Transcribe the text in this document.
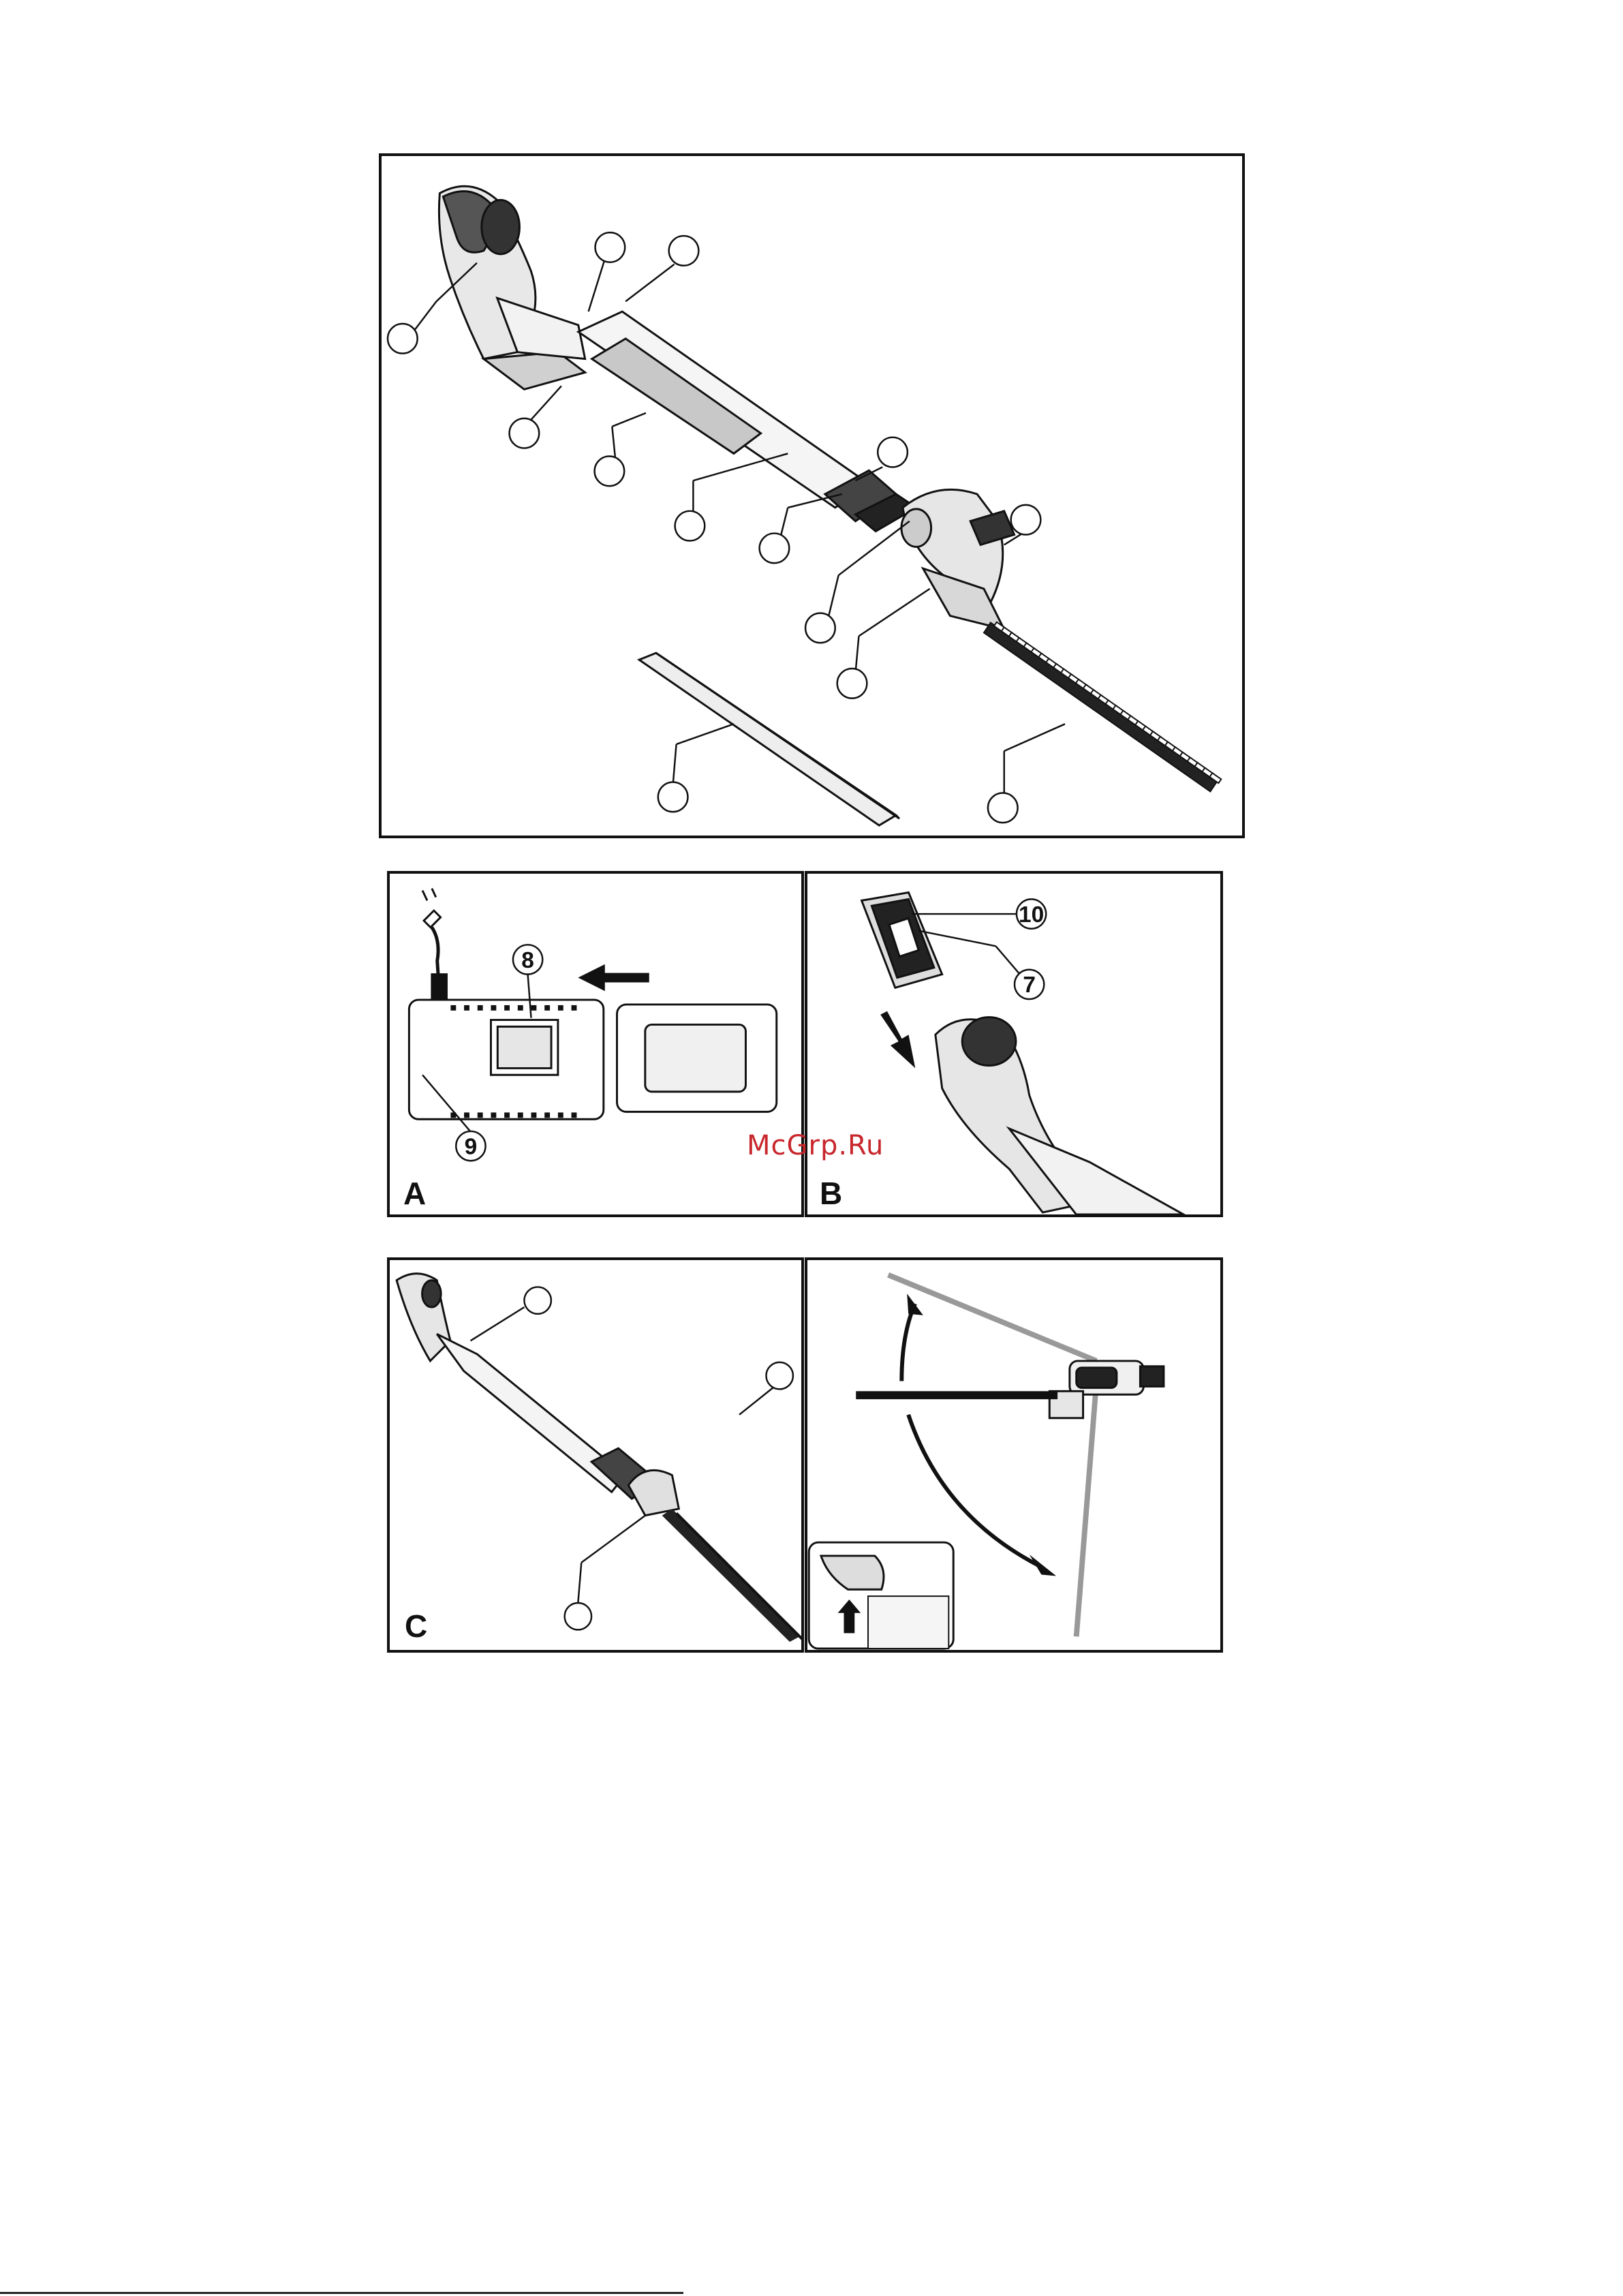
8
9
A
10
7
B
McGrp.Ru
C
